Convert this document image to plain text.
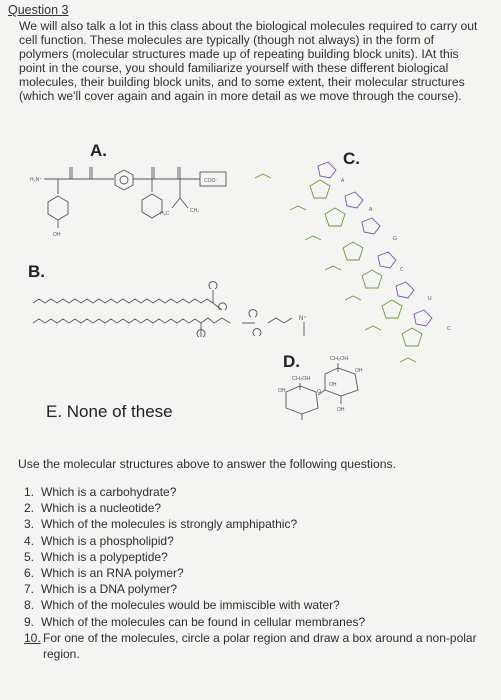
Question 3
We will also talk a lot in this class about the biological molecules required to carry out cell function. These molecules are typically (though not always) in the form of polymers (molecular structures made up of repeating building block units). IAt this point in the course, you should familiarize yourself with these different biological molecules, their building block units, and to some extent, their molecular structures (which we'll cover again and again in more detail as we move through the course).
A.
B.
C.
D.
H₃N⁺
OH
COO⁻
CH₃
H₃C
N⁺
A
A
G
C
U
C
CH₂OH
OH
OH
OH
CH₂OH
OH	O
E. None of these
Use the molecular structures above to answer the following questions.
1. Which is a carbohydrate?
2. Which is a nucleotide?
3. Which of the molecules is strongly amphipathic?
4. Which is a phospholipid?
5. Which is a polypeptide?
6. Which is an RNA polymer?
7. Which is a DNA polymer?
8. Which of the molecules would be immiscible with water?
9. Which of the molecules can be found in cellular membranes?
10. For one of the molecules, circle a polar region and draw a box around a non-polar region.
